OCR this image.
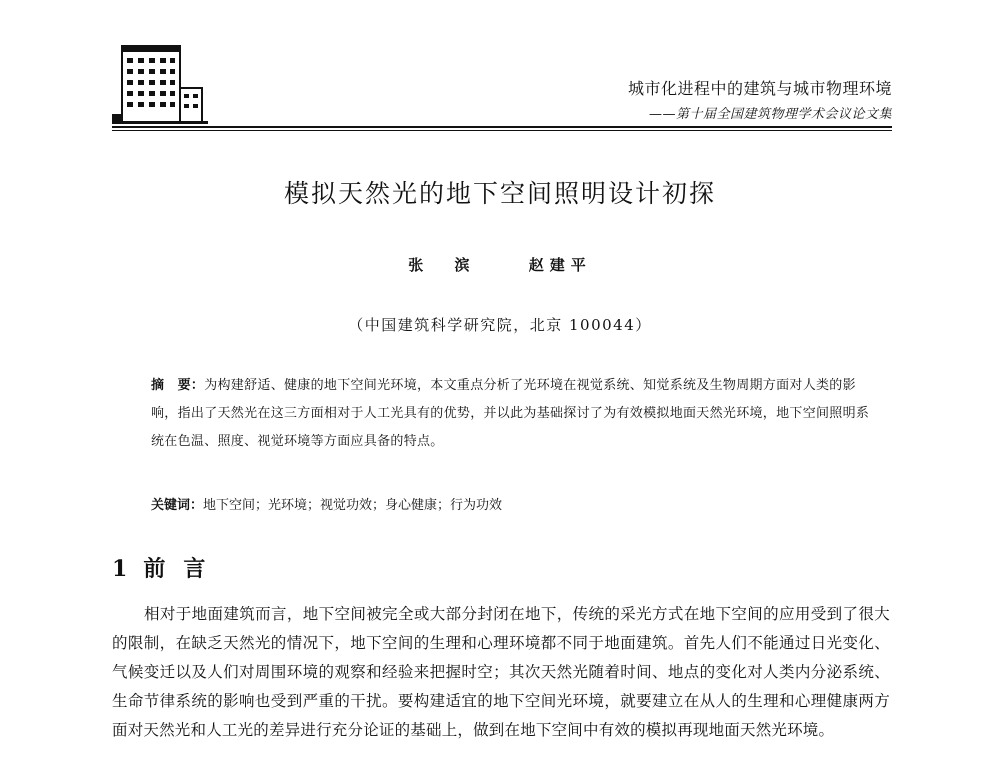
城市化进程中的建筑与城市物理环境

——第十届全国建筑物理学术会议论文集

模拟天然光的地下空间照明设计初探
张 滨	赵建平
（中国建筑科学研究院，北京 100044）

摘　要：为构建舒适、健康的地下空间光环境，本文重点分析了光环境在视觉系统、知觉系统及生物周期方面对人类的影响，指出了天然光在这三方面相对于人工光具有的优势，并以此为基础探讨了为有效模拟地面天然光环境，地下空间照明系统在色温、照度、视觉环境等方面应具备的特点。

关键词：地下空间；光环境；视觉功效；身心健康；行为功效
1 前言

相对于地面建筑而言，地下空间被完全或大部分封闭在地下，传统的采光方式在地下空间的应用受到了很大的限制，在缺乏天然光的情况下，地下空间的生理和心理环境都不同于地面建筑。首先人们不能通过日光变化、气候变迁以及人们对周围环境的观察和经验来把握时空；其次天然光随着时间、地点的变化对人类内分泌系统、生命节律系统的影响也受到严重的干扰。要构建适宜的地下空间光环境，就要建立在从人的生理和心理健康两方面对天然光和人工光的差异进行充分论证的基础上，做到在地下空间中有效的模拟再现地面天然光环境。
